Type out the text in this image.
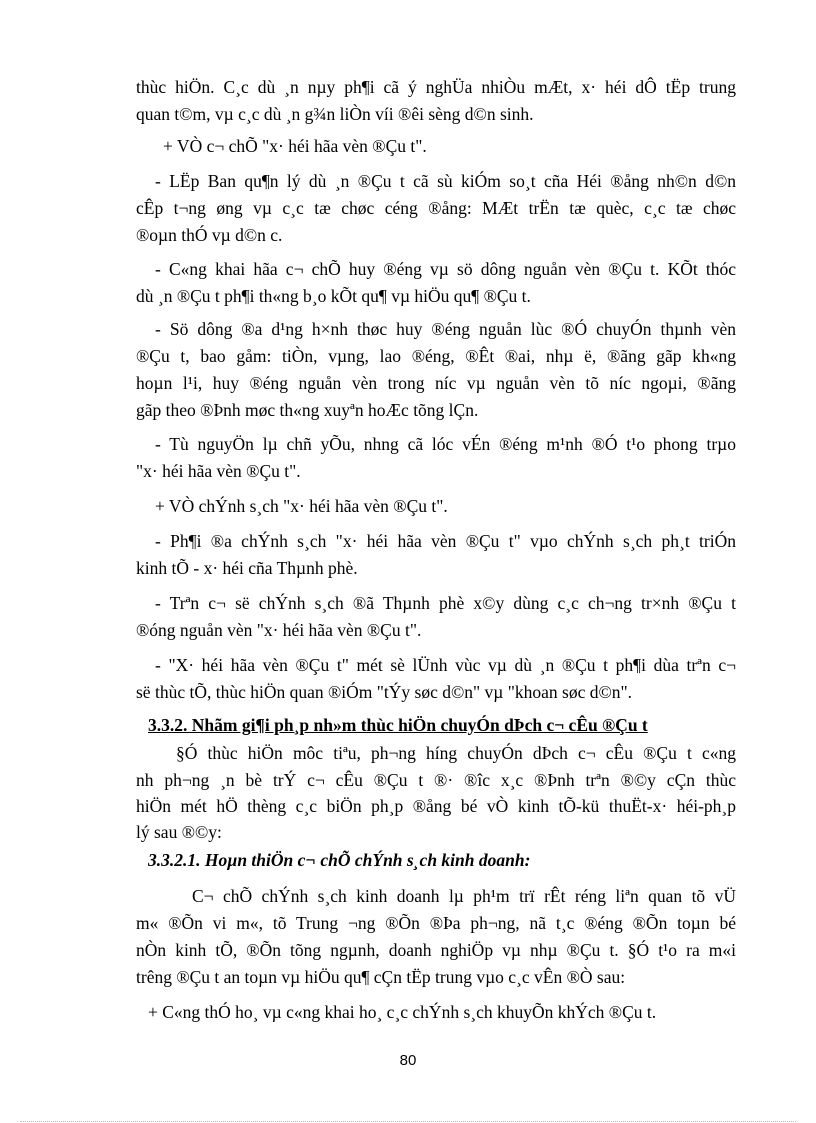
thùc hiÖn. C¸c dù ¸n nµy ph¶i cã ý nghÜa nhiÒu mÆt, x· héi dÔ tËp trung
quan t©m, vµ c¸c dù ¸n g¾n liÒn víi ®êi sèng d©n sinh.
+ VÒ c¬ chÕ "x· héi hãa vèn ®Çu t".
- LËp Ban qu¶n lý dù ¸n ®Çu t cã sù kiÓm so¸t cña Héi ®ång nh©n d©n
cÊp t¬ng øng vµ c¸c tæ chøc céng ®ång: MÆt trËn tæ quèc, c¸c tæ chøc
®oµn thÓ vµ d©n c.
- C«ng khai hãa c¬ chÕ huy ®éng vµ sö dông nguån vèn ®Çu t. KÕt thóc
dù ¸n ®Çu t ph¶i th«ng b¸o kÕt qu¶ vµ hiÖu qu¶ ®Çu t.
- Sö dông ®a d¹ng h×nh thøc huy ®éng nguån lùc ®Ó chuyÓn thµnh vèn
®Çu t, bao gåm: tiÒn, vµng, lao ®éng, ®Êt ®ai, nhµ ë, ®ãng gãp kh«ng
hoµn l¹i, huy ®éng nguån vèn trong níc vµ nguån vèn tõ níc ngoµi, ®ãng
gãp theo ®Þnh møc th«ng xuyªn hoÆc tõng lÇn.
- Tù nguyÖn lµ chñ yÕu, nhng cã lóc vÉn ®éng m¹nh ®Ó t¹o phong trµo
"x· héi hãa vèn ®Çu t".
+ VÒ chÝnh s¸ch "x· héi hãa vèn ®Çu t".
- Ph¶i ®a chÝnh s¸ch "x· héi hãa vèn ®Çu t" vµo chÝnh s¸ch ph¸t triÓn
kinh tÕ - x· héi cña Thµnh phè.
- Trªn c¬ së chÝnh s¸ch ®ã Thµnh phè x©y dùng c¸c ch¬ng tr×nh ®Çu t
®óng nguån vèn "x· héi hãa vèn ®Çu t".
- "X· héi hãa vèn ®Çu t" mét sè lÜnh vùc vµ dù ¸n ®Çu t ph¶i dùa trªn c¬
së thùc tÕ, thùc hiÖn quan ®iÓm "tÝy søc d©n" vµ "khoan søc d©n".
3.3.2. Nhãm gi¶i ph¸p nh»m thùc hiÖn chuyÓn dÞch c¬ cÊu ®Çu t
§Ó thùc hiÖn môc tiªu, ph¬ng híng chuyÓn dÞch c¬ cÊu ®Çu t c«ng
nh ph¬ng ¸n bè trÝ c¬ cÊu ®Çu t ®· ®îc x¸c ®Þnh trªn ®©y cÇn thùc
hiÖn mét hÖ thèng c¸c biÖn ph¸p ®ång bé vÒ kinh tÕ-kü thuËt-x· héi-ph¸p
lý sau ®©y:
3.3.2.1. Hoµn thiÖn c¬ chÕ chÝnh s¸ch kinh doanh:
C¬ chÕ chÝnh s¸ch kinh doanh lµ ph¹m trï rÊt réng liªn quan tõ vÜ
m« ®Õn vi m«, tõ Trung ¬ng ®Õn ®Þa ph¬ng, nã t¸c ®éng ®Õn toµn bé
nÒn kinh tÕ, ®Õn tõng ngµnh, doanh nghiÖp vµ nhµ ®Çu t. §Ó t¹o ra m«i
trêng ®Çu t an toµn vµ hiÖu qu¶ cÇn tËp trung vµo c¸c vÊn ®Ò sau:
+ C«ng thÓ ho¸ vµ c«ng khai ho¸ c¸c chÝnh s¸ch khuyÕn khÝch ®Çu t.
80
